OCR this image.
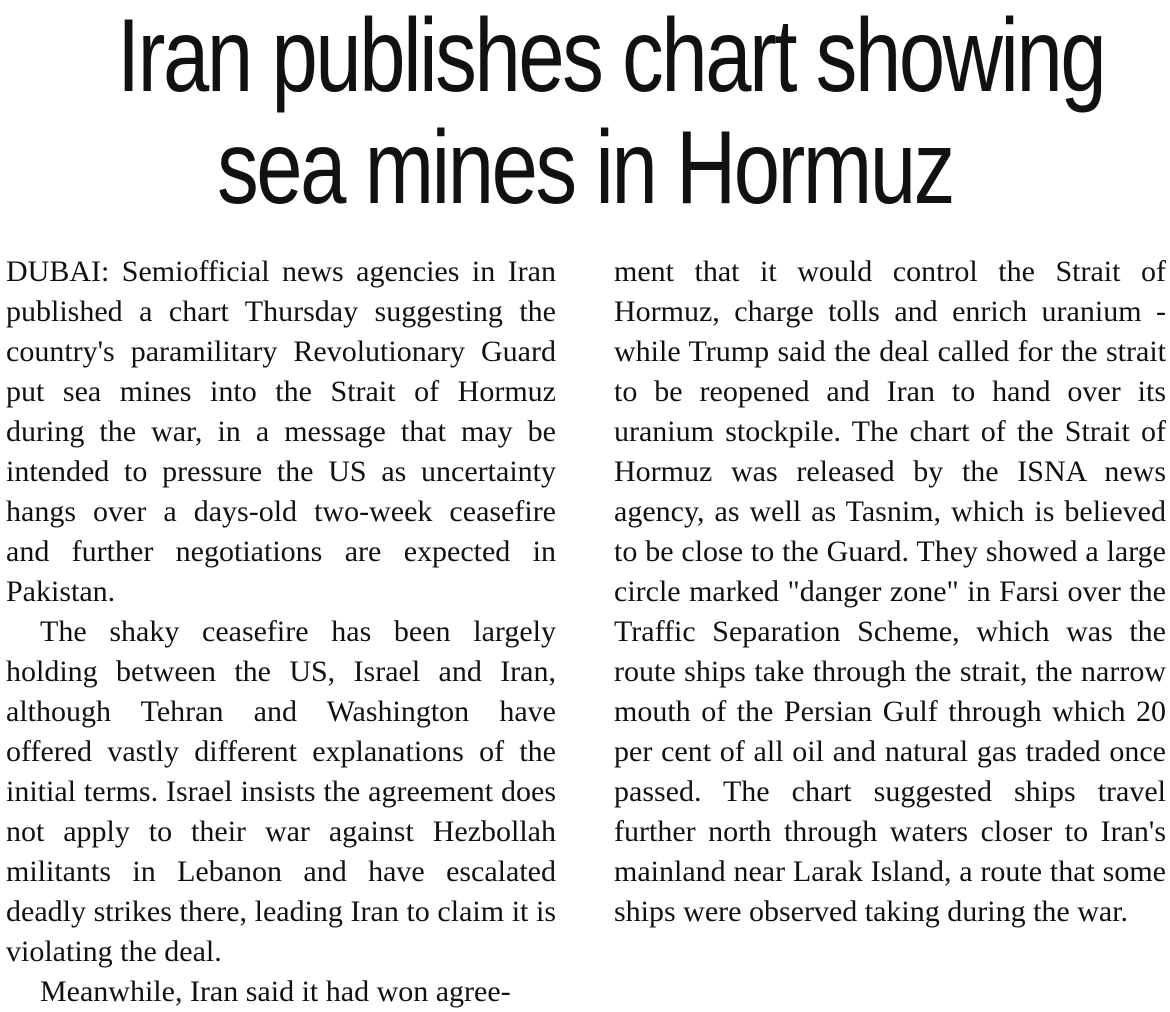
Iran publishes chart showing
sea mines in Hormuz

DUBAI: Semiofficial news agencies in Iran published a chart Thursday suggesting the country's paramilitary Revolutionary Guard put sea mines into the Strait of Hormuz during the war, in a message that may be intended to pressure the US as uncertainty hangs over a days-old two-week ceasefire and further negotiations are expected in Pakistan.

The shaky ceasefire has been largely holding between the US, Israel and Iran, although Tehran and Washington have offered vastly different explanations of the initial terms. Israel insists the agreement does not apply to their war against Hezbollah militants in Lebanon and have escalated deadly strikes there, leading Iran to claim it is violating the deal.

Meanwhile, Iran said it had won agree-

ment that it would control the Strait of Hormuz, charge tolls and enrich uranium - while Trump said the deal called for the strait to be reopened and Iran to hand over its uranium stockpile. The chart of the Strait of Hormuz was released by the ISNA news agency, as well as Tasnim, which is believed to be close to the Guard. They showed a large circle marked "danger zone" in Farsi over the Traffic Separation Scheme, which was the route ships take through the strait, the narrow mouth of the Persian Gulf through which 20 per cent of all oil and natural gas traded once passed. The chart suggested ships travel further north through waters closer to Iran's mainland near Larak Island, a route that some ships were observed taking during the war.
